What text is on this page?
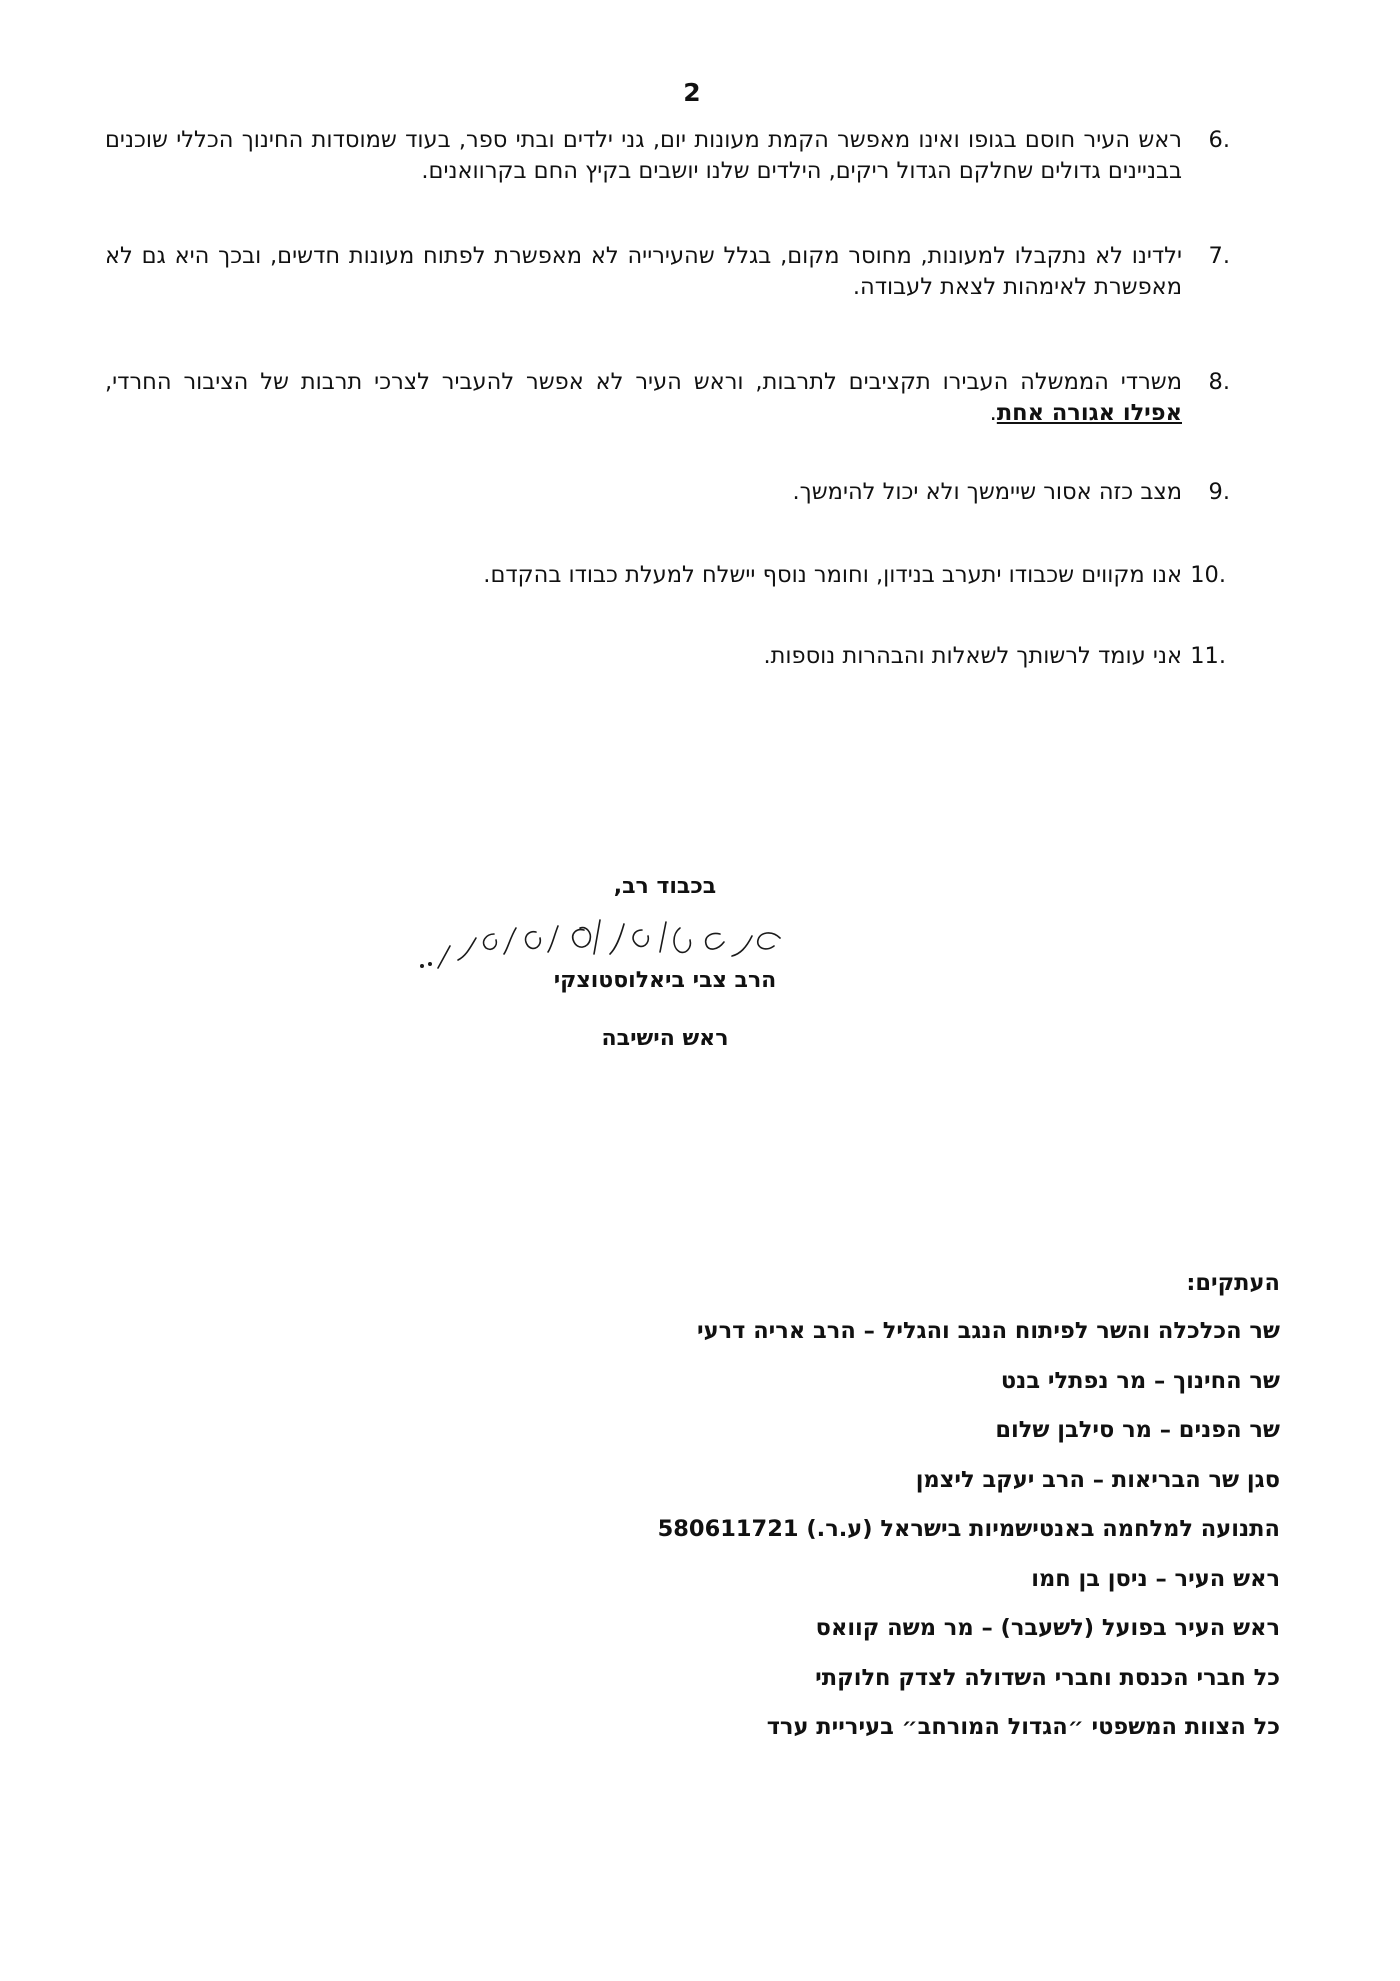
2
6.
ראש העיר חוסם בגופו ואינו מאפשר הקמת מעונות יום, גני ילדים ובתי ספר, בעוד שמוסדות החינוך הכללי שוכנים בבניינים גדולים שחלקם הגדול ריקים, הילדים שלנו יושבים בקיץ החם בקרוואנים.
7.
ילדינו לא נתקבלו למעונות, מחוסר מקום, בגלל שהעירייה לא מאפשרת לפתוח מעונות חדשים, ובכך היא גם לא מאפשרת לאימהות לצאת לעבודה.
8.
משרדי הממשלה העבירו תקציבים לתרבות, וראש העיר לא אפשר להעביר לצרכי תרבות של הציבור החרדי, אפילו אגורה אחת.
9.
מצב כזה אסור שיימשך ולא יכול להימשך.
10.
אנו מקווים שכבודו יתערב בנידון, וחומר נוסף יישלח למעלת כבודו בהקדם.
11.
אני עומד לרשותך לשאלות והבהרות נוספות.
בכבוד רב,
הרב צבי ביאלוסטוצקי
ראש הישיבה
העתקים:
שר הכלכלה והשר לפיתוח הנגב והגליל – הרב אריה דרעי
שר החינוך – מר נפתלי בנט
שר הפנים – מר סילבן שלום
סגן שר הבריאות – הרב יעקב ליצמן
התנועה למלחמה באנטישמיות בישראל (ע.ר.) 580611721
ראש העיר – ניסן בן חמו
ראש העיר בפועל (לשעבר) – מר משה קוואס
כל חברי הכנסת וחברי השדולה לצדק חלוקתי
כל הצוות המשפטי ״הגדול המורחב״ בעיריית ערד
